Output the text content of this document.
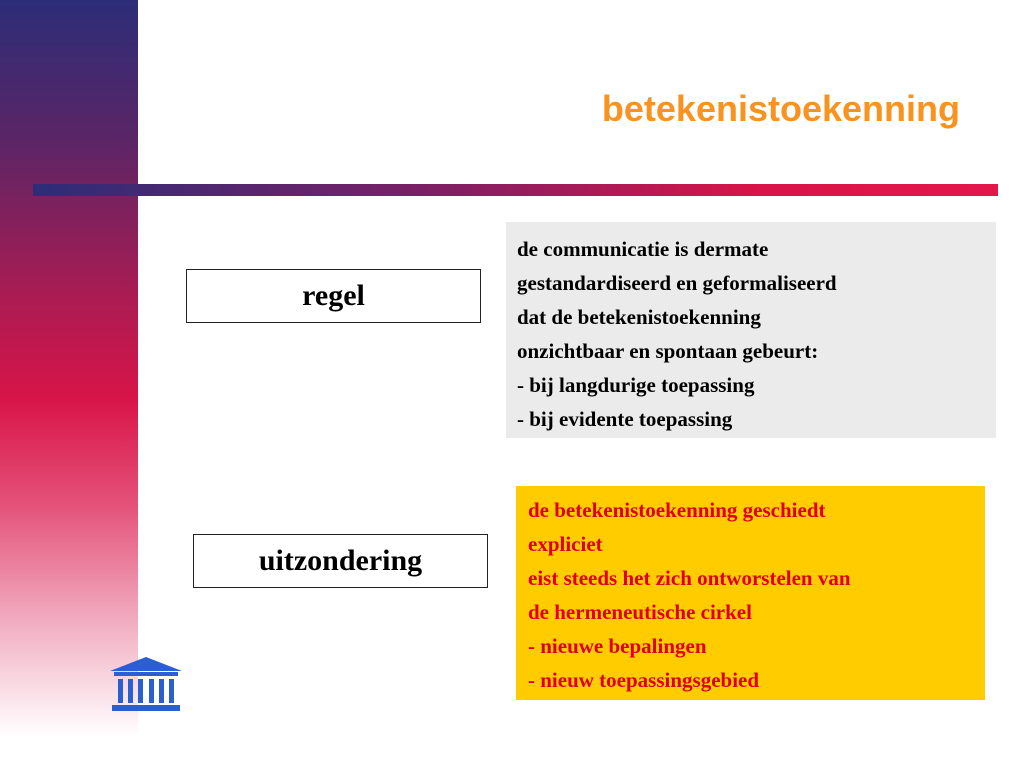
betekenistoekenning
regel
uitzondering
de communicatie is dermate
gestandardiseerd en geformaliseerd
dat de betekenistoekenning
onzichtbaar en spontaan gebeurt:
- bij langdurige toepassing
- bij evidente toepassing
de betekenistoekenning geschiedt
expliciet
eist steeds het zich ontworstelen van
de hermeneutische cirkel
- nieuwe bepalingen
- nieuw toepassingsgebied
